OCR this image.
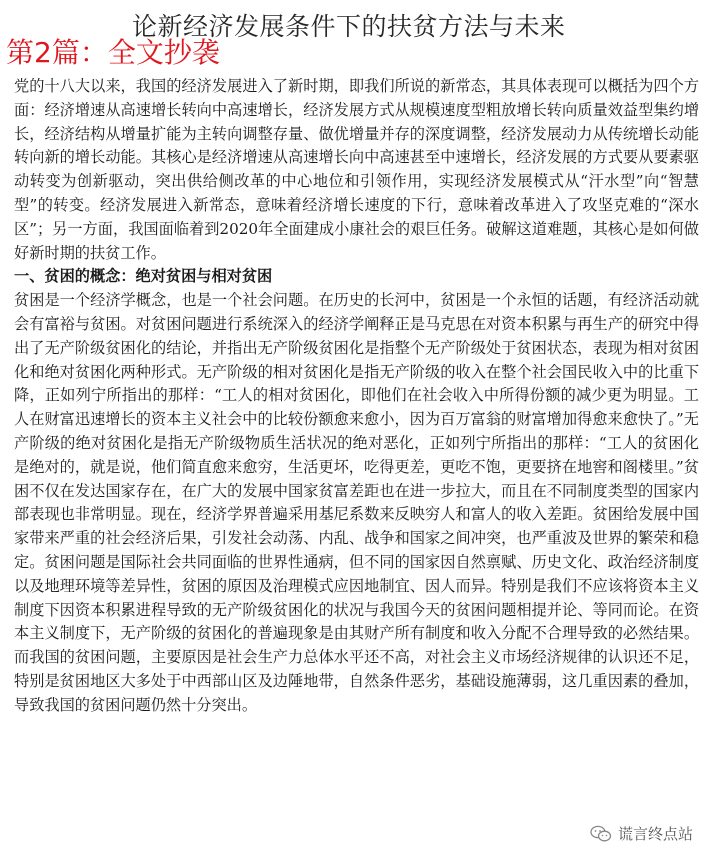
论新经济发展条件下的扶贫方法与未来
第2篇：全文抄袭

党的十八大以来，我国的经济发展进入了新时期，即我们所说的新常态，其具体表现可以概括为四个方面：经济增速从高速增长转向中高速增长，经济发展方式从规模速度型粗放增长转向质量效益型集约增长，经济结构从增量扩能为主转向调整存量、做优增量并存的深度调整，经济发展动力从传统增长动能转向新的增长动能。其核心是经济增速从高速增长向中高速甚至中速增长，经济发展的方式要从要素驱动转变为创新驱动，突出供给侧改革的中心地位和引领作用，实现经济发展模式从“汗水型”向“智慧型”的转变。经济发展进入新常态，意味着经济增长速度的下行，意味着改革进入了攻坚克难的“深水区”；另一方面，我国面临着到2020年全面建成小康社会的艰巨任务。破解这道难题，其核心是如何做好新时期的扶贫工作。

一、贫困的概念：绝对贫困与相对贫困

贫困是一个经济学概念，也是一个社会问题。在历史的长河中，贫困是一个永恒的话题，有经济活动就会有富裕与贫困。对贫困问题进行系统深入的经济学阐释正是马克思在对资本积累与再生产的研究中得出了无产阶级贫困化的结论，并指出无产阶级贫困化是指整个无产阶级处于贫困状态，表现为相对贫困化和绝对贫困化两种形式。无产阶级的相对贫困化是指无产阶级的收入在整个社会国民收入中的比重下降，正如列宁所指出的那样：“工人的相对贫困化，即他们在社会收入中所得份额的减少更为明显。工人在财富迅速增长的资本主义社会中的比较份额愈来愈小，因为百万富翁的财富增加得愈来愈快了。”无产阶级的绝对贫困化是指无产阶级物质生活状况的绝对恶化，正如列宁所指出的那样：“工人的贫困化是绝对的，就是说，他们简直愈来愈穷，生活更坏，吃得更差，更吃不饱，更要挤在地窖和阁楼里。”贫困不仅在发达国家存在，在广大的发展中国家贫富差距也在进一步拉大，而且在不同制度类型的国家内部表现也非常明显。现在，经济学界普遍采用基尼系数来反映穷人和富人的收入差距。贫困给发展中国家带来严重的社会经济后果，引发社会动荡、内乱、战争和国家之间冲突，也严重波及世界的繁荣和稳定。贫困问题是国际社会共同面临的世界性通病，但不同的国家因自然禀赋、历史文化、政治经济制度以及地理环境等差异性，贫困的原因及治理模式应因地制宜、因人而异。特别是我们不应该将资本主义制度下因资本积累进程导致的无产阶级贫困化的状况与我国今天的贫困问题相提并论、等同而论。在资本主义制度下，无产阶级的贫困化的普遍现象是由其财产所有制度和收入分配不合理导致的必然结果。而我国的贫困问题，主要原因是社会生产力总体水平还不高，对社会主义市场经济规律的认识还不足，特别是贫困地区大多处于中西部山区及边陲地带，自然条件恶劣，基础设施薄弱，这几重因素的叠加，导致我国的贫困问题仍然十分突出。

谎言终点站
